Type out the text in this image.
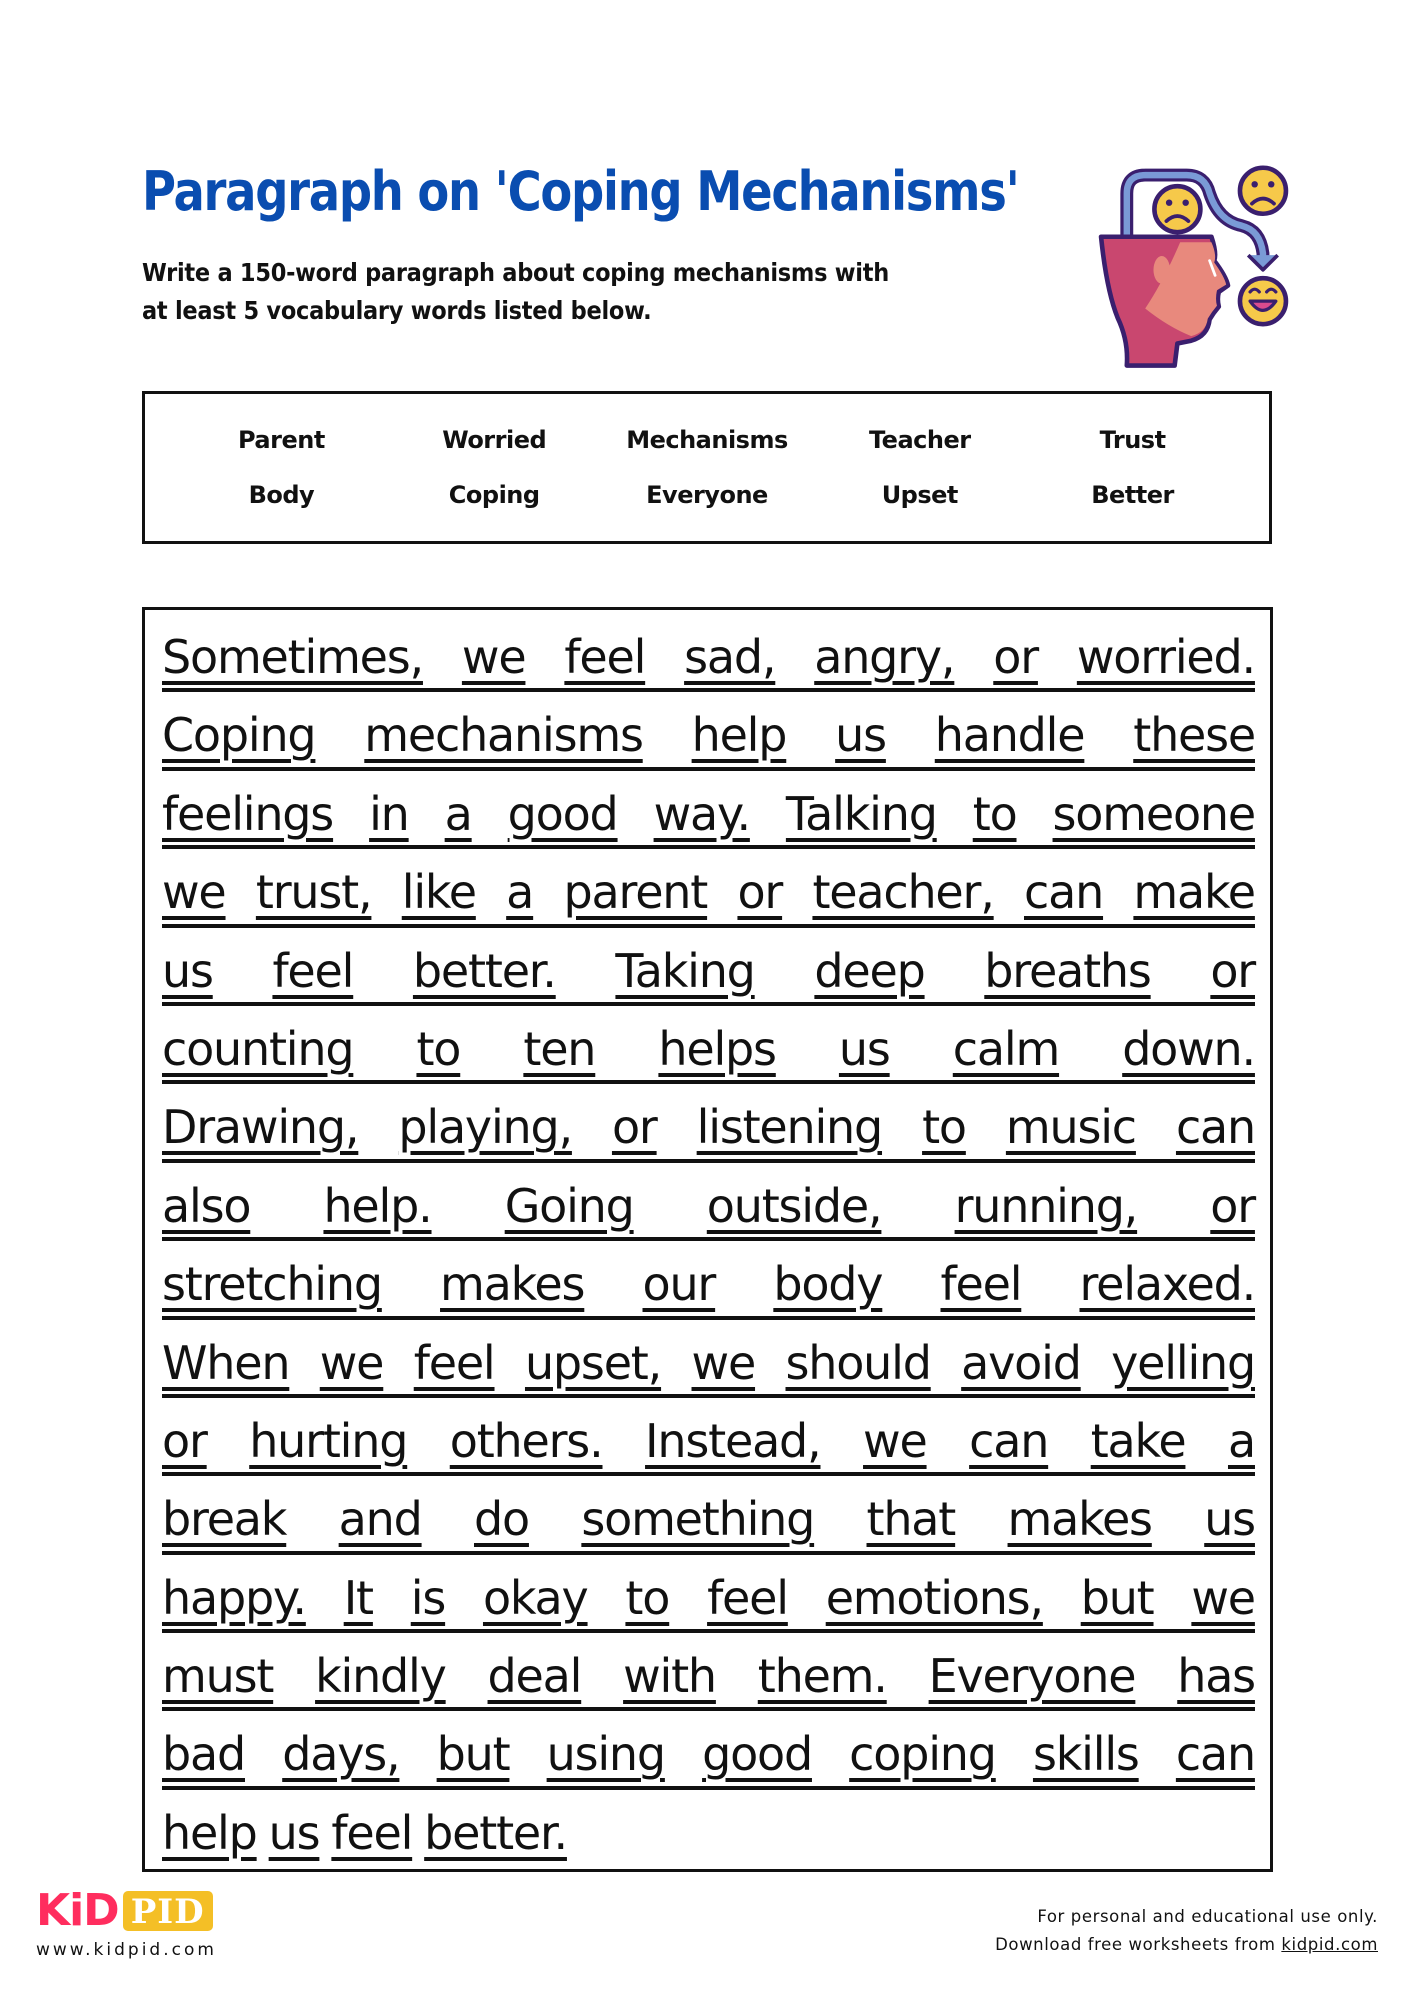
Paragraph on 'Coping Mechanisms'
Write a 150-word paragraph about coping mechanisms with
at least 5 vocabulary words listed below.
Parent	Worried	Mechanisms	Teacher	Trust
Body	Coping	Everyone	Upset	Better
Sometimes, we feel sad, angry, or worried.
Coping mechanisms help us handle these
feelings in a good way. Talking to someone
we trust, like a parent or teacher, can make
us feel better. Taking deep breaths or
counting to ten helps us calm down.
Drawing, playing, or listening to music can
also help. Going outside, running, or
stretching makes our body feel relaxed.
When we feel upset, we should avoid yelling
or hurting others. Instead, we can take a
break and do something that makes us
happy. It is okay to feel emotions, but we
must kindly deal with them. Everyone has
bad days, but using good coping skills can
help us feel better.
KiD PID
www.kidpid.com
For personal and educational use only.
Download free worksheets from kidpid.com
